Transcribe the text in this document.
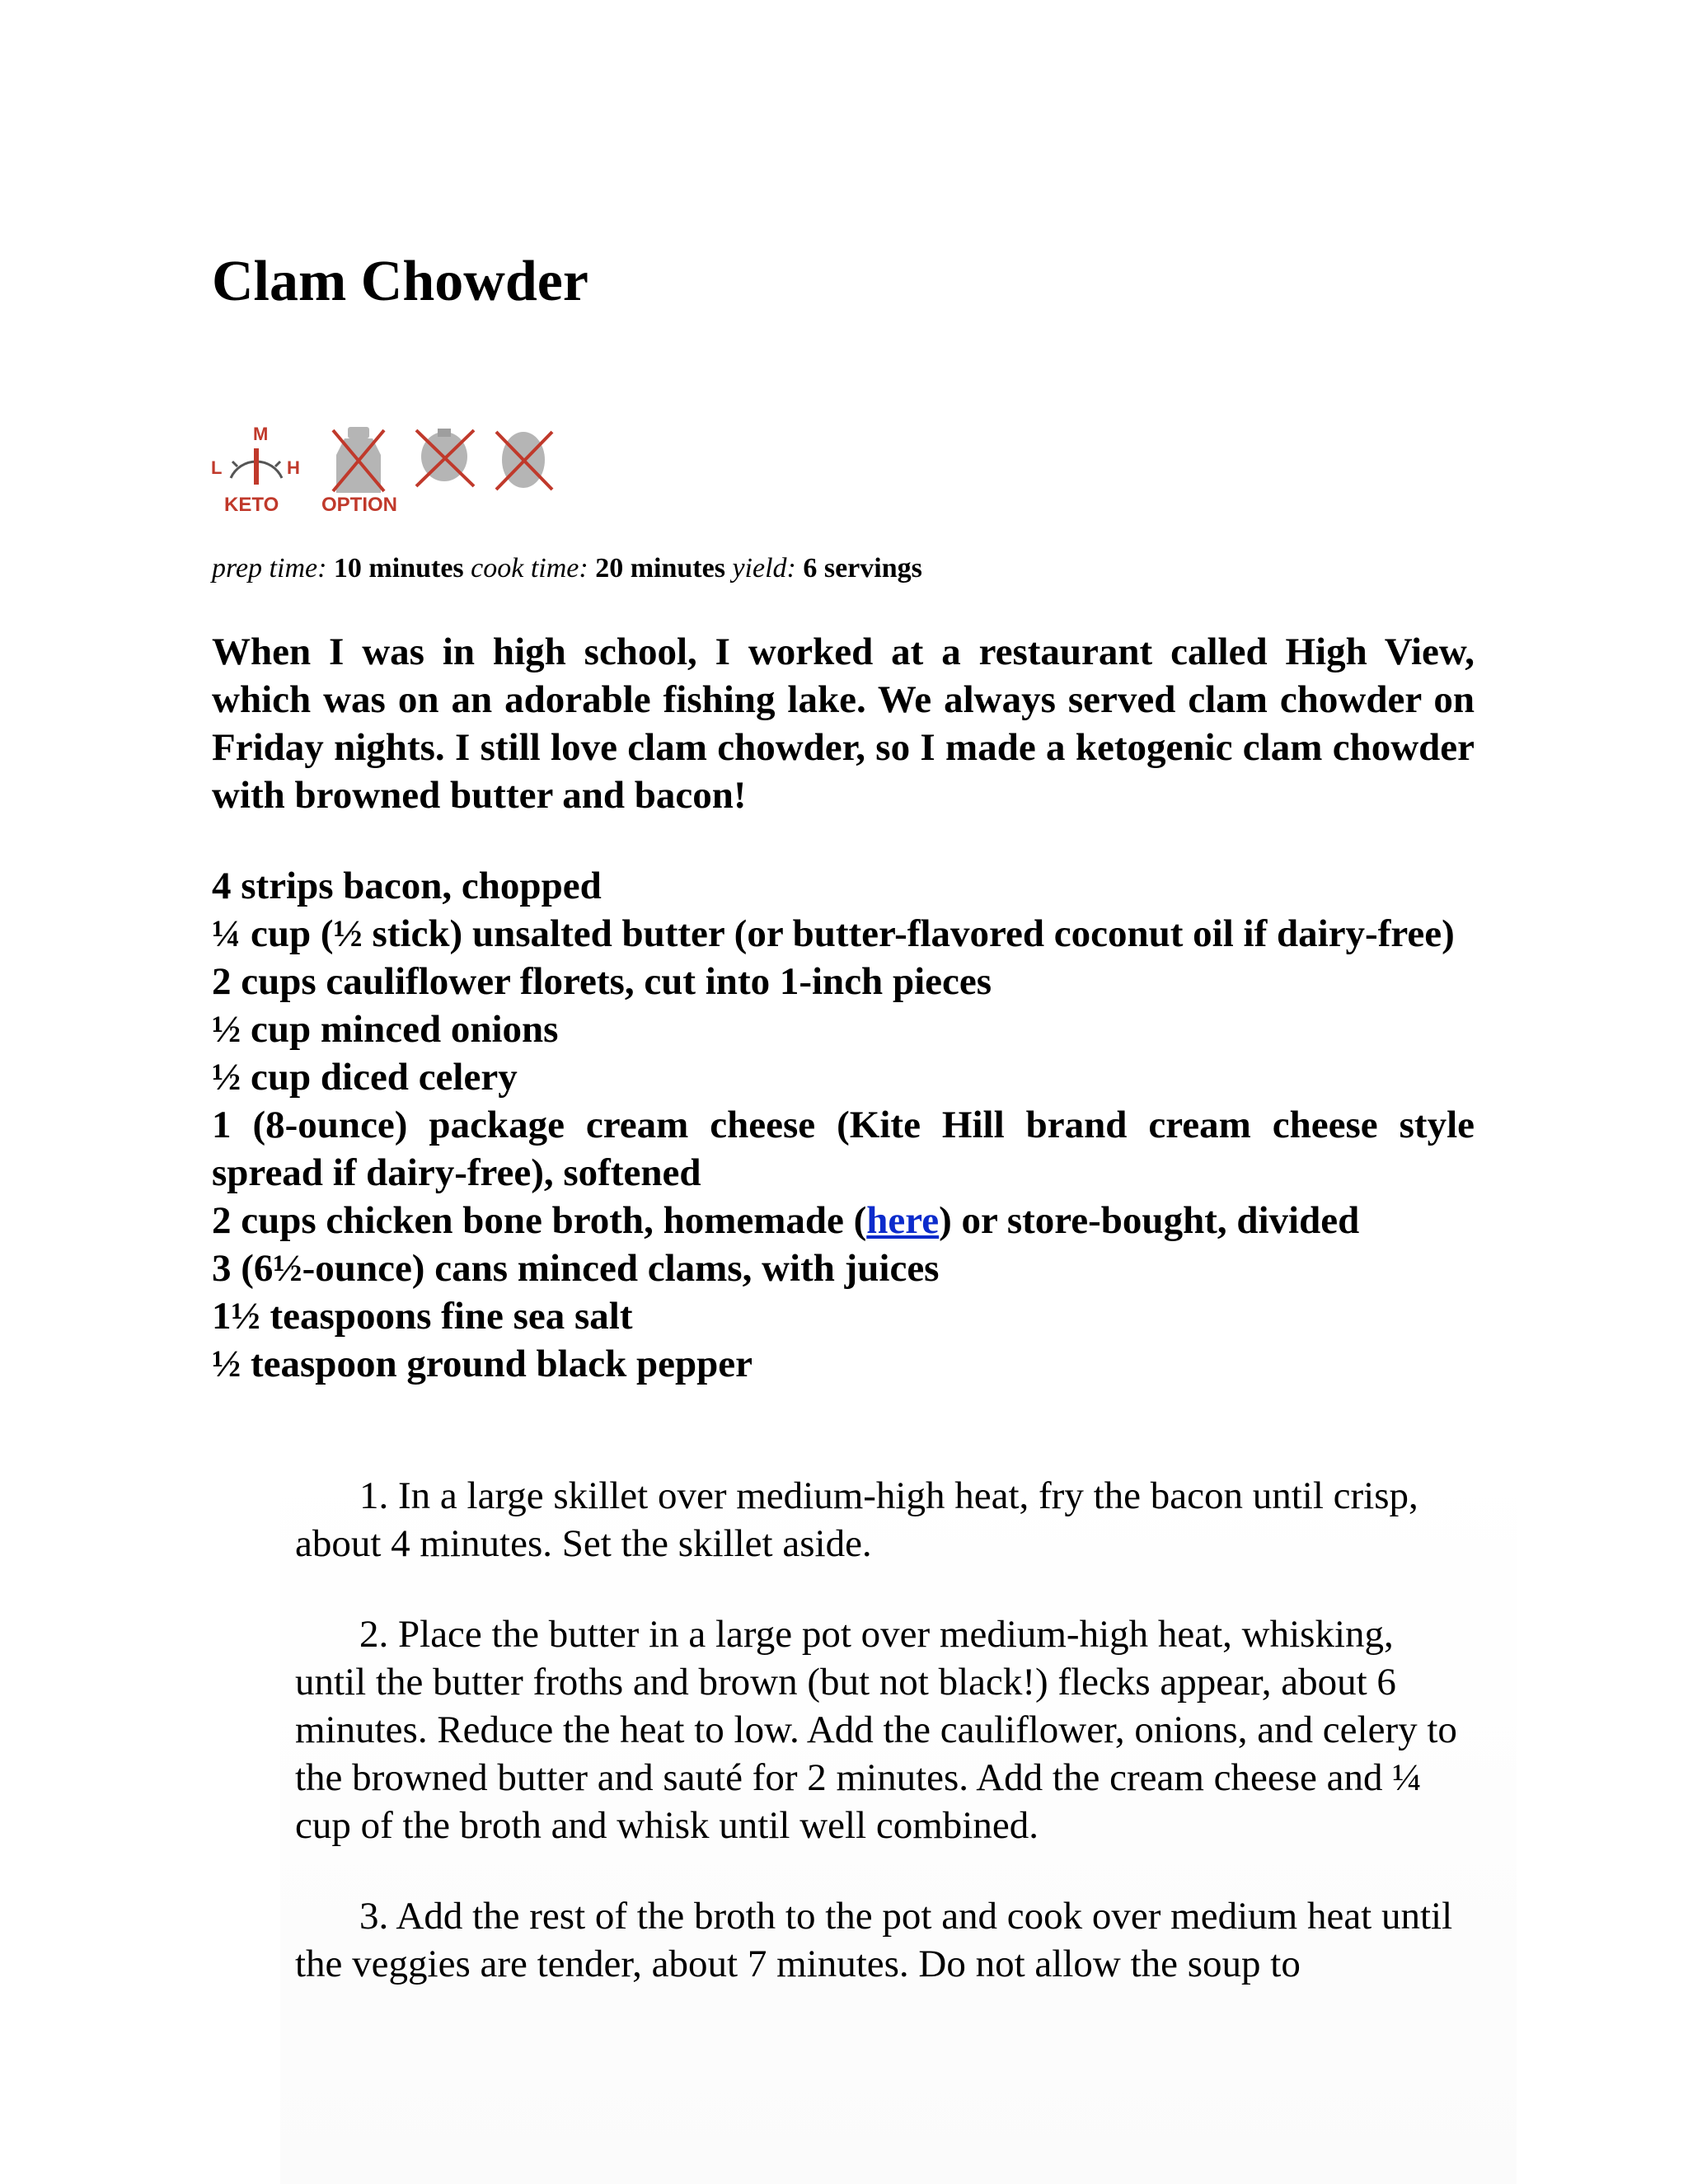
Clam Chowder
M
L	H
KETO OPTION

prep time: 10 minutes cook time: 20 minutes yield: 6 servings

When I was in high school, I worked at a restaurant called High View, which was on an adorable fishing lake. We always served clam chowder on Friday nights. I still love clam chowder, so I made a ketogenic clam chowder with browned butter and bacon!

4 strips bacon, chopped
¼ cup (½ stick) unsalted butter (or butter-flavored coconut oil if dairy-free)
2 cups cauliflower florets, cut into 1-inch pieces
½ cup minced onions
½ cup diced celery
1 (8-ounce) package cream cheese (Kite Hill brand cream cheese style spread if dairy-free), softened
2 cups chicken bone broth, homemade (here) or store-bought, divided
3 (6½-ounce) cans minced clams, with juices
1½ teaspoons fine sea salt
½ teaspoon ground black pepper
1. In a large skillet over medium-high heat, fry the bacon until crisp, about 4 minutes. Set the skillet aside.
2. Place the butter in a large pot over medium-high heat, whisking, until the butter froths and brown (but not black!) flecks appear, about 6 minutes. Reduce the heat to low. Add the cauliflower, onions, and celery to the browned butter and sauté for 2 minutes. Add the cream cheese and ¼ cup of the broth and whisk until well combined.
3. Add the rest of the broth to the pot and cook over medium heat until the veggies are tender, about 7 minutes. Do not allow the soup to
